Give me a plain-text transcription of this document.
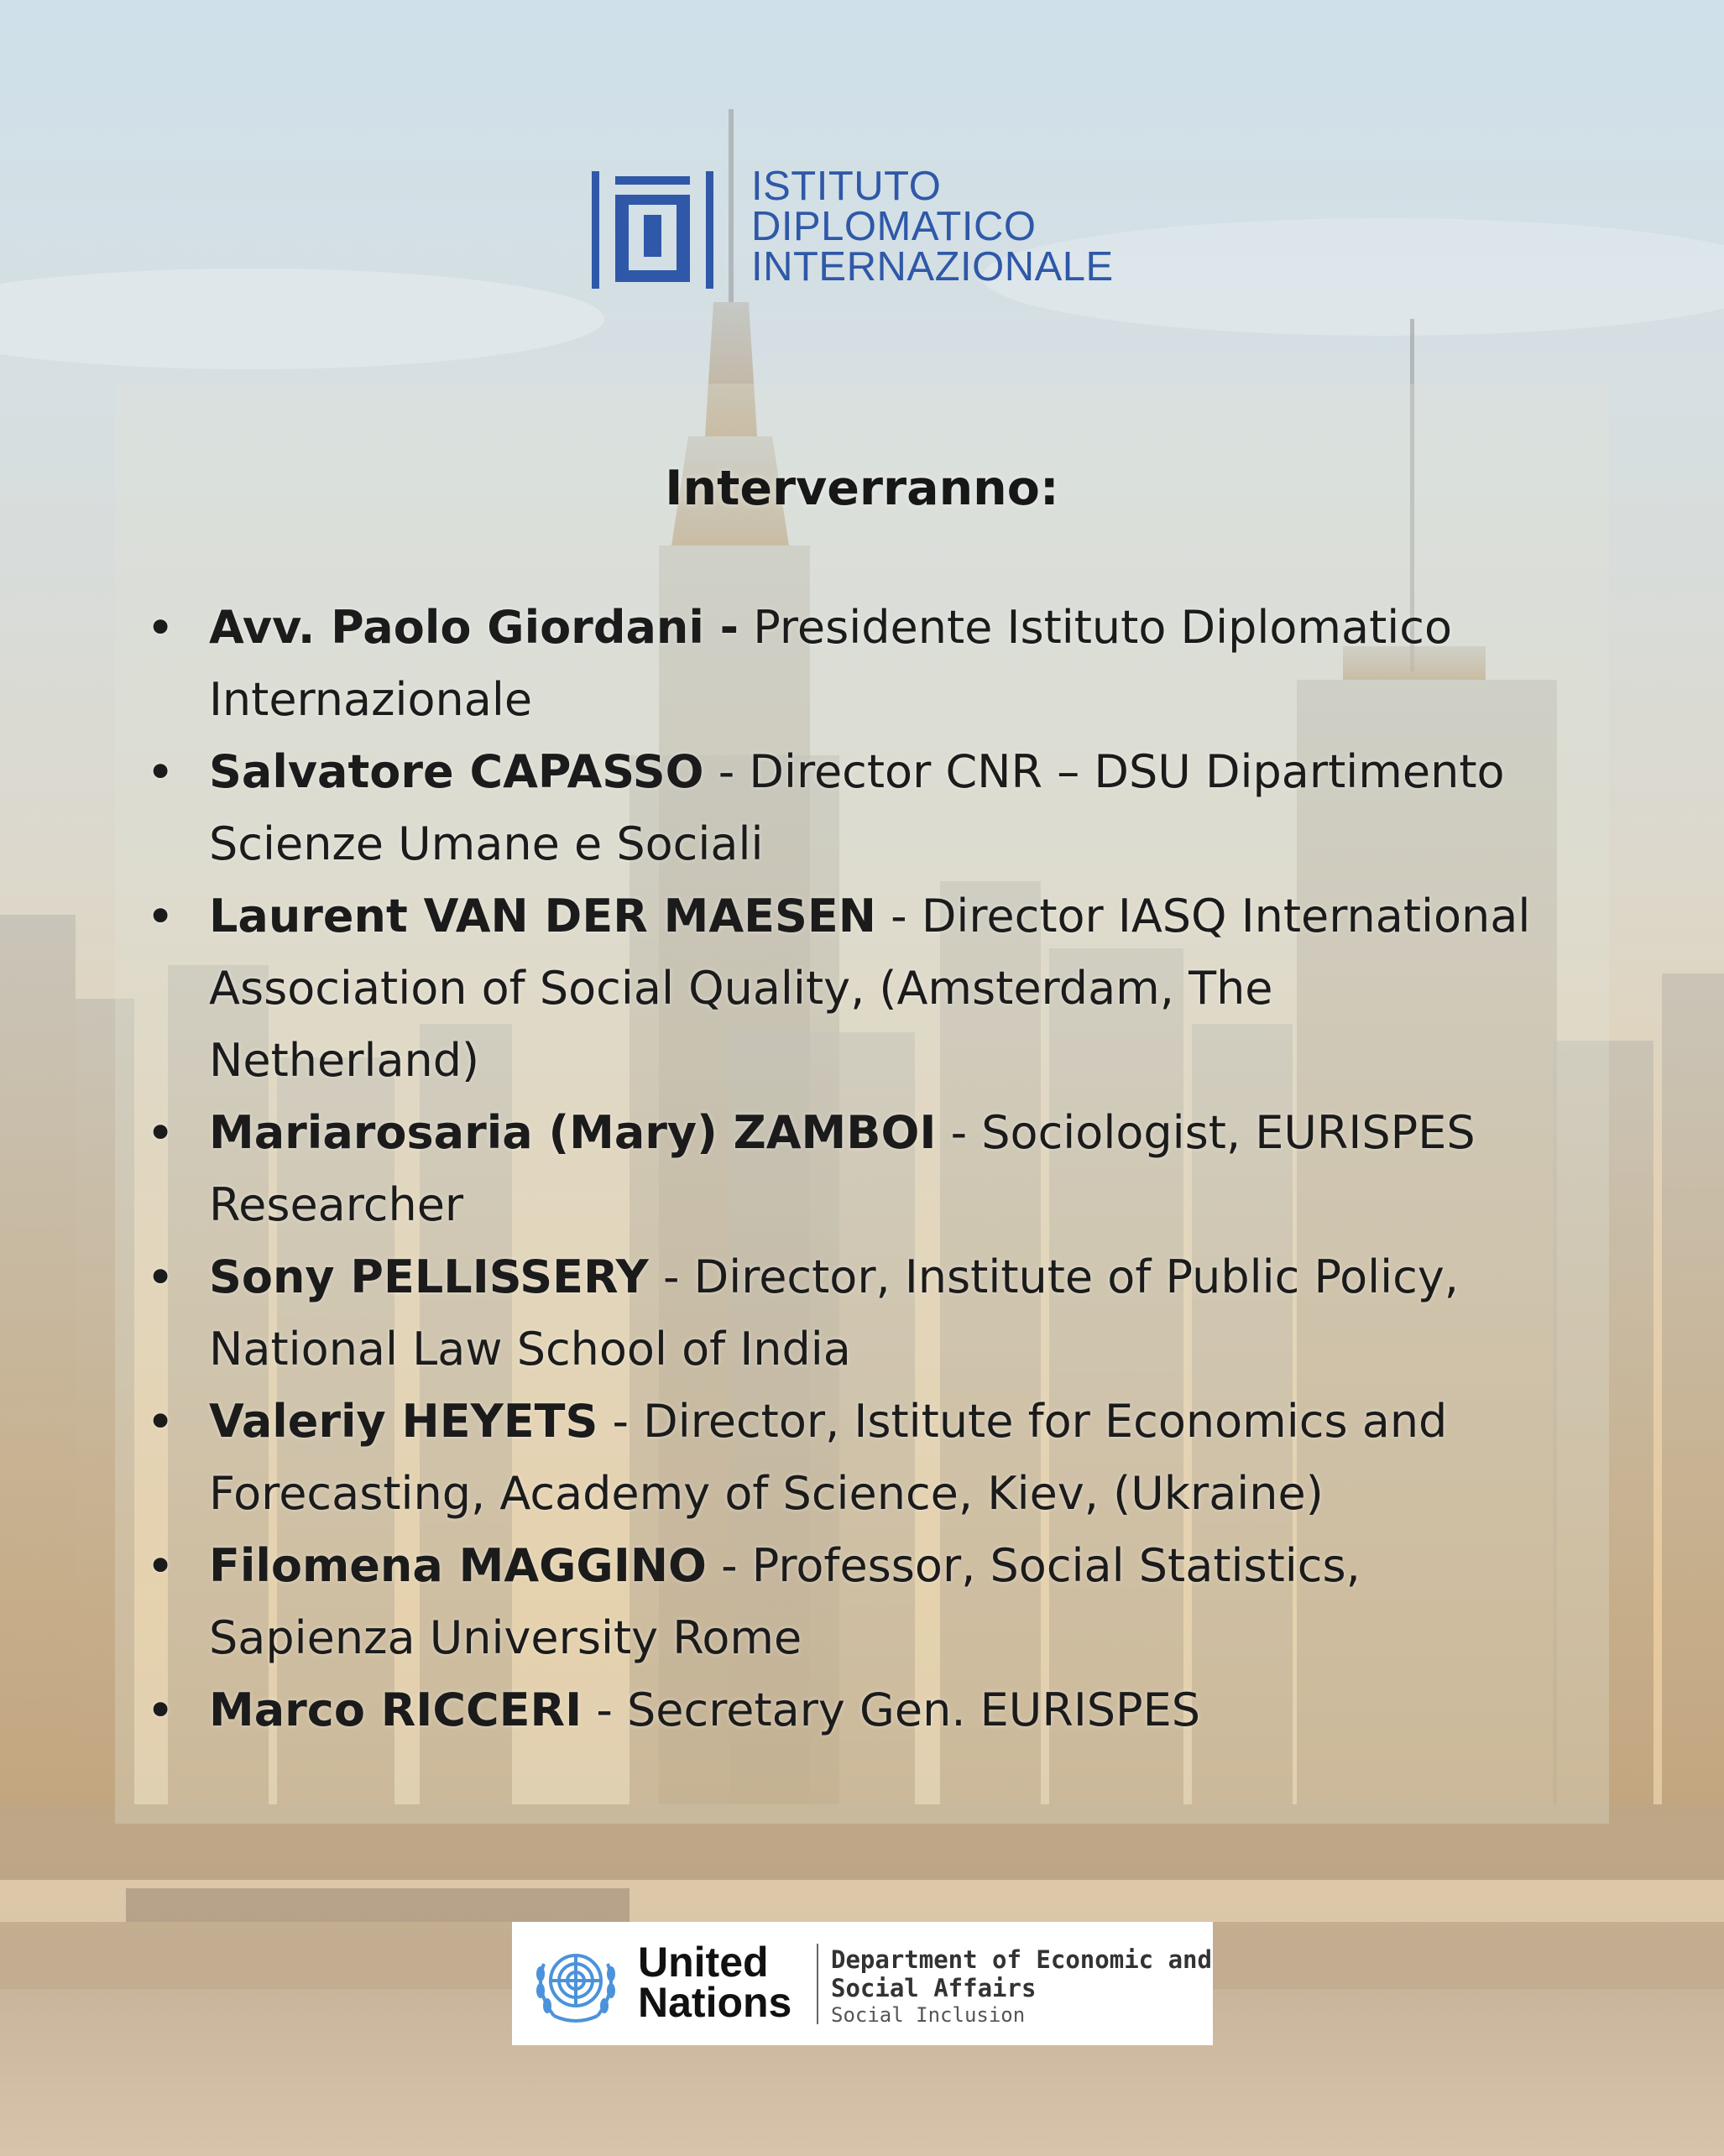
ISTITUTO
DIPLOMATICO
INTERNAZIONALE
Interverranno:
• Avv. Paolo Giordani - Presidente Istituto Diplomatico
Internazionale
• Salvatore CAPASSO - Director CNR – DSU Dipartimento
Scienze Umane e Sociali
• Laurent VAN DER MAESEN - Director IASQ International
Association of Social Quality, (Amsterdam, The
Netherland)
• Mariarosaria (Mary) ZAMBOI - Sociologist, EURISPES
Researcher
• Sony PELLISSERY - Director, Institute of Public Policy,
National Law School of India
• Valeriy HEYETS - Director, Istitute for Economics and
Forecasting, Academy of Science, Kiev, (Ukraine)
• Filomena MAGGINO - Professor, Social Statistics,
Sapienza University Rome
• Marco RICCERI - Secretary Gen. EURISPES
United
Nations
Department of Economic and
Social Affairs
Social Inclusion
